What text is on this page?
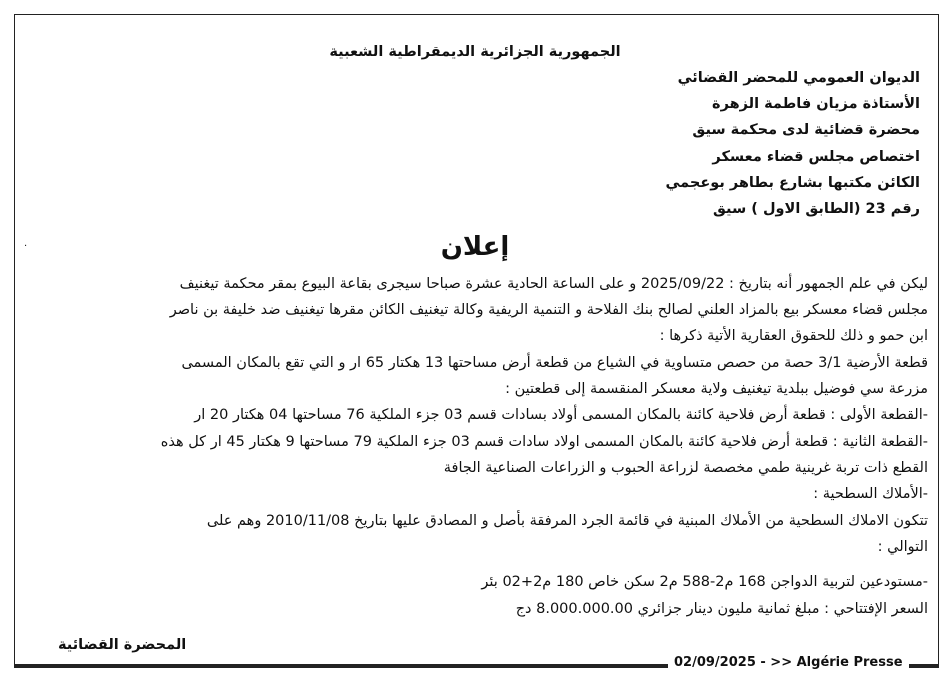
الجمهورية الجزائرية الديمقراطية الشعبية
الديوان العمومي للمحضر القضائي
الأستاذة مزيان فاطمة الزهرة
محضرة قضائية لدى محكمة سيق
اختصاص مجلس قضاء معسكر
الكائن مكتبها بشارع بطاهر بوعجمي
رقم 23 (الطابق الاول ) سيق
·	إعلان
ليكن في علم الجمهور أنه بتاريخ : 2025/09/22 و على الساعة الحادية عشرة صباحا سيجرى بقاعة البيوع بمقر محكمة تيغنيف
مجلس قضاء معسكر بيع بالمزاد العلني لصالح بنك الفلاحة و التنمية الريفية وكالة تيغنيف الكائن مقرها تيغنيف ضد خليفة بن ناصر
ابن حمو و ذلك للحقوق العقارية الأتية ذكرها :
قطعة الأرضية 3/1 حصة من حصص متساوية في الشياع من قطعة أرض مساحتها 13 هكتار 65 ار و التي تقع بالمكان المسمى
مزرعة سي فوضيل ببلدية تيغنيف ولاية معسكر المنقسمة إلى قطعتين :
-القطعة الأولى : قطعة أرض فلاحية كائنة بالمكان المسمى أولاد بسادات قسم 03 جزء الملكية 76 مساحتها 04 هكتار 20 ار
-القطعة الثانية : قطعة أرض فلاحية كائنة بالمكان المسمى اولاد سادات قسم 03 جزء الملكية 79 مساحتها 9 هكتار 45 ار كل هذه
القطع ذات تربة غرينية طمي مخصصة لزراعة الحبوب و الزراعات الصناعية الجافة
-الأملاك السطحية :
تتكون الاملاك السطحية من الأملاك المبنية في قائمة الجرد المرفقة بأصل و المصادق عليها بتاريخ 2010/11/08 وهم على
التوالي :
-مستودعين لتربية الدواجن 168 م2-588 م2 سكن خاص 180 م2+02 بئر
السعر الإفتتاحي : مبلغ ثمانية مليون دينار جزائري 8.000.000.00 دج
المحضرة القضائية
02/09/2025 - >> Algérie Presse
